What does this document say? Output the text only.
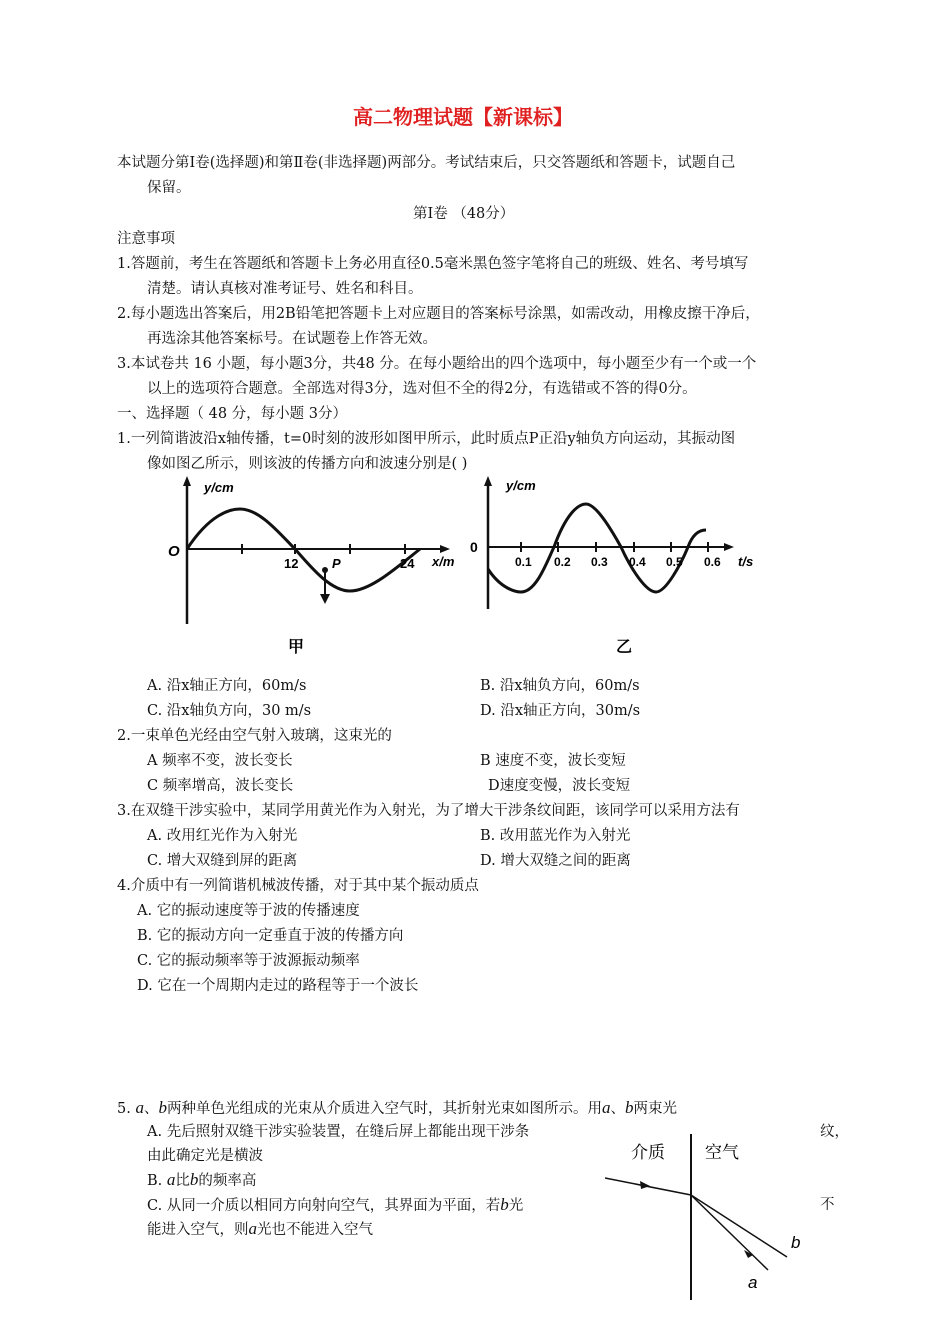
高二物理试题【新课标】
本试题分第Ⅰ卷(选择题)和第Ⅱ卷(非选择题)两部分。考试结束后，只交答题纸和答题卡，试题自己
保留。
第Ⅰ卷 （48分）
注意事项
1.答题前，考生在答题纸和答题卡上务必用直径0.5毫米黑色签字笔将自己的班级、姓名、考号填写
清楚。请认真核对准考证号、姓名和科目。
2.每小题选出答案后，用2B铅笔把答题卡上对应题目的答案标号涂黑，如需改动，用橡皮擦干净后，
再选涂其他答案标号。在试题卷上作答无效。
3.本试卷共 16 小题，每小题3分，共48 分。在每小题给出的四个选项中，每小题至少有一个或一个
以上的选项符合题意。全部选对得3分，选对但不全的得2分，有选错或不答的得0分。
一、选择题（ 48 分，每小题 3分）
1.一列简谐波沿x轴传播，t=0时刻的波形如图甲所示，此时质点P正沿y轴负方向运动，其振动图
像如图乙所示，则该波的传播方向和波速分别是( )
y/cm
O
12	P	24 x/m
甲
y/cm
0
0.1 0.2 0.3 0.4 0.5 0.6 t/s
乙
A. 沿x轴正方向，60m/s	B. 沿x轴负方向，60m/s
C. 沿x轴负方向，30 m/s	D. 沿x轴正方向，30m/s
2.一束单色光经由空气射入玻璃，这束光的
A 频率不变，波长变长	B 速度不变，波长变短
C 频率增高，波长变长	D速度变慢，波长变短
3.在双缝干涉实验中，某同学用黄光作为入射光，为了增大干涉条纹间距，该同学可以采用方法有
A. 改用红光作为入射光	B. 改用蓝光作为入射光
C. 增大双缝到屏的距离	D. 增大双缝之间的距离
4.介质中有一列简谐机械波传播，对于其中某个振动质点
A. 它的振动速度等于波的传播速度
B. 它的振动方向一定垂直于波的传播方向
C. 它的振动频率等于波源振动频率
D. 它在一个周期内走过的路程等于一个波长
5. a、b两种单色光组成的光束从介质进入空气时，其折射光束如图所示。用a、b两束光
A. 先后照射双缝干涉实验装置，在缝后屏上都能出现干涉条	纹，
由此确定光是横波
B. a比b的频率高
C. 从同一介质以相同方向射向空气，其界面为平面，若b光	不
能进入空气，则a光也不能进入空气
介质 空气
a
b
